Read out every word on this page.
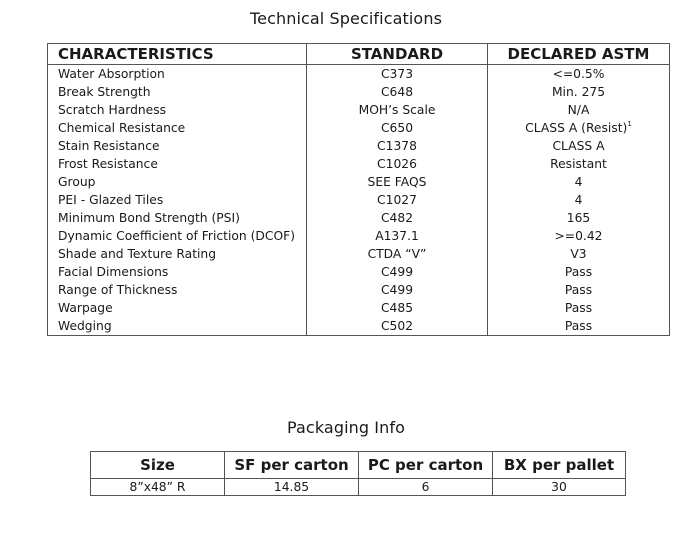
Technical Specifications
CHARACTERISTICS	STANDARD	DECLARED ASTM
Water Absorption	C373	<=0.5%
Break Strength	C648	Min. 275
Scratch Hardness	MOH’s Scale	N/A
Chemical Resistance	C650	CLASS A (Resist)$^1$
Stain Resistance	C1378	CLASS A
Frost Resistance	C1026	Resistant
Group	SEE FAQS	4
PEI - Glazed Tiles	C1027	4
Minimum Bond Strength (PSI)	C482	165
Dynamic Coefficient of Friction (DCOF)	A137.1	>=0.42
Shade and Texture Rating	CTDA “V”	V3
Facial Dimensions	C499	Pass
Range of Thickness	C499	Pass
Warpage	C485	Pass
Wedging	C502	Pass
Packaging Info
Size	SF per carton	PC per carton	BX per pallet
8”x48” R	14.85	6	30
